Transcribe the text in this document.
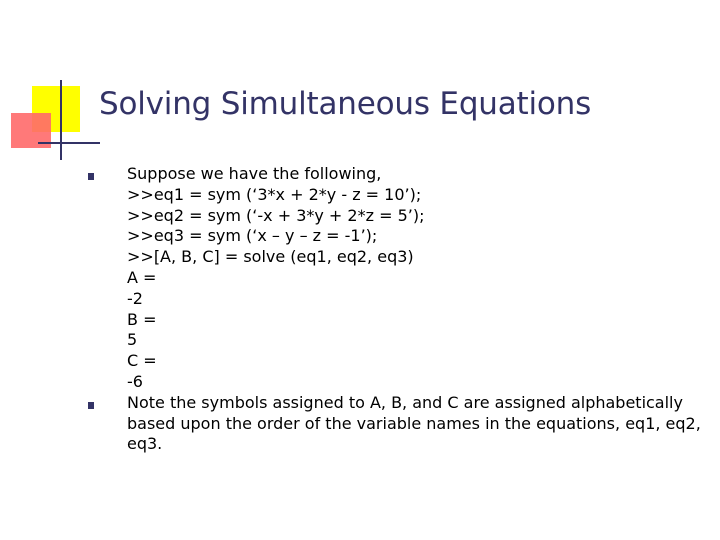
Solving Simultaneous Equations
Suppose we have the following,
>>eq1 = sym (‘3*x + 2*y - z = 10’);
>>eq2 = sym (‘-x + 3*y + 2*z = 5’);
>>eq3 = sym (‘x – y – z = -1’);
>>[A, B, C] = solve (eq1, eq2, eq3)
A =
-2
B =
5
C =
-6
Note the symbols assigned to A, B, and C are assigned alphabetically based upon the order of the variable names in the equations, eq1, eq2, eq3.
